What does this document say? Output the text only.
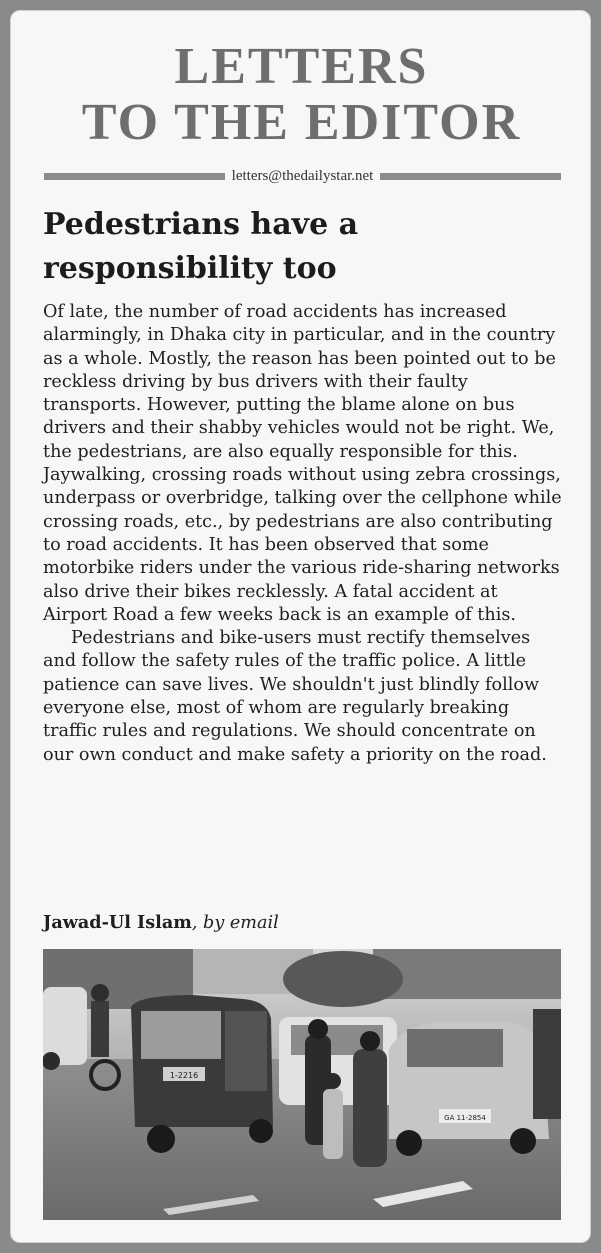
LETTERS
TO THE EDITOR
letters@thedailystar.net
Pedestrians have a
responsibility too

Of late, the number of road accidents has increased alarmingly, in Dhaka city in particular, and in the country as a whole. Mostly, the reason has been pointed out to be reckless driving by bus drivers with their faulty transports. However, putting the blame alone on bus drivers and their shabby vehicles would not be right. We, the pedestrians, are also equally responsible for this. Jaywalking, crossing roads without using zebra crossings, underpass or overbridge, talking over the cellphone while crossing roads, etc., by pedestrians are also contributing to road accidents. It has been observed that some motorbike riders under the various ride-sharing networks also drive their bikes recklessly. A fatal accident at Airport Road a few weeks back is an example of this.

Pedestrians and bike-users must rectify themselves and follow the safety rules of the traffic police. A little patience can save lives. We shouldn't just blindly follow everyone else, most of whom are regularly breaking traffic rules and regulations. We should concentrate on our own conduct and make safety a priority on the road.

Jawad-Ul Islam, by email
1-2216
GA 11-2854
